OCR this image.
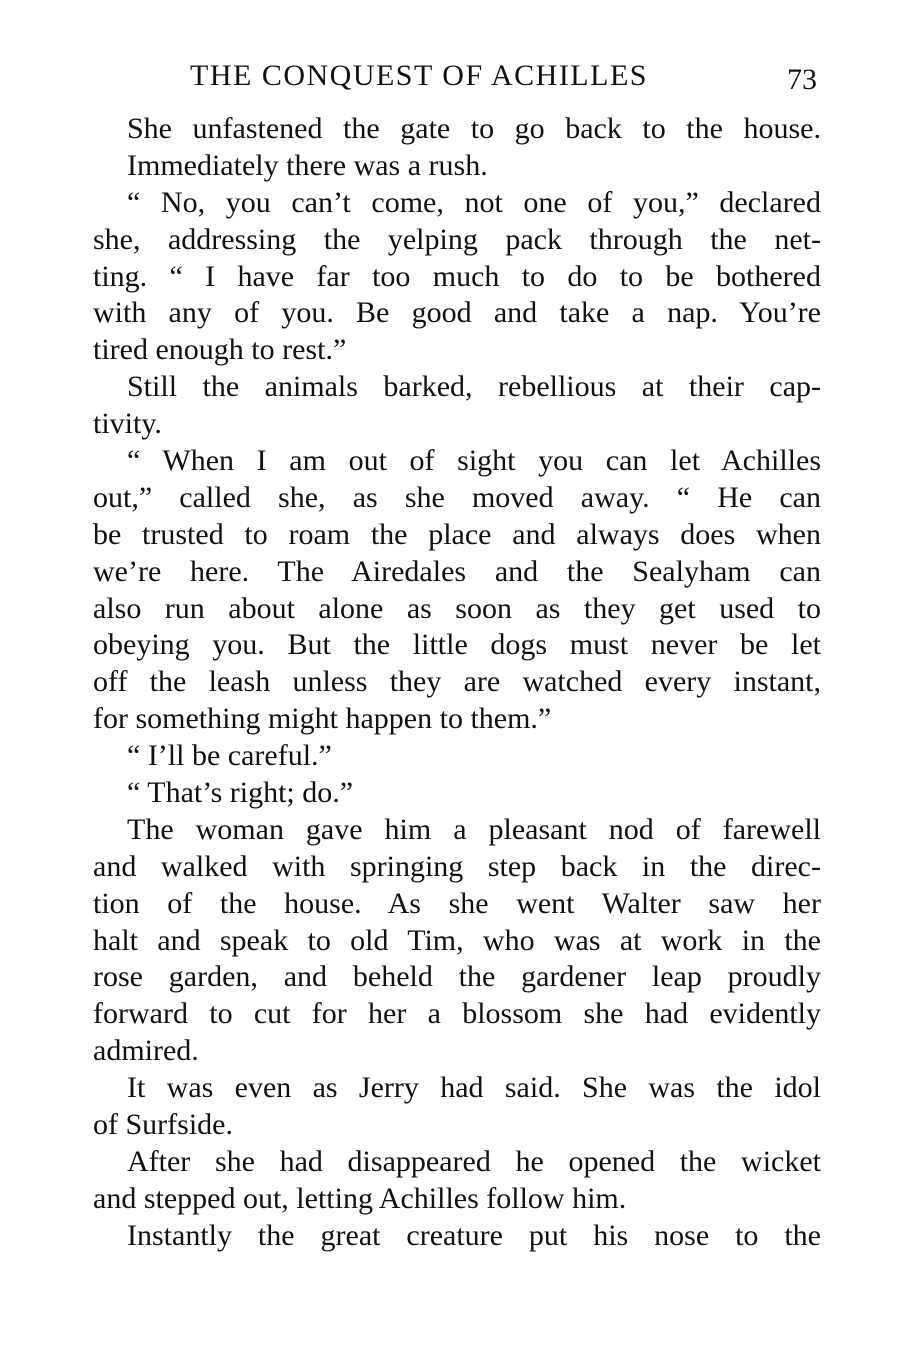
THE CONQUEST OF ACHILLES	73
She unfastened the gate to go back to the house.
Immediately there was a rush.
“ No, you can’t come, not one of you,” declared
she, addressing the yelping pack through the net-
ting. “ I have far too much to do to be bothered
with any of you. Be good and take a nap. You’re
tired enough to rest.”
Still the animals barked, rebellious at their cap-
tivity.
“ When I am out of sight you can let Achilles
out,” called she, as she moved away. “ He can
be trusted to roam the place and always does when
we’re here. The Airedales and the Sealyham can
also run about alone as soon as they get used to
obeying you. But the little dogs must never be let
off the leash unless they are watched every instant,
for something might happen to them.”
“ I’ll be careful.”
“ That’s right; do.”
The woman gave him a pleasant nod of farewell
and walked with springing step back in the direc-
tion of the house. As she went Walter saw her
halt and speak to old Tim, who was at work in the
rose garden, and beheld the gardener leap proudly
forward to cut for her a blossom she had evidently
admired.
It was even as Jerry had said. She was the idol
of Surfside.
After she had disappeared he opened the wicket
and stepped out, letting Achilles follow him.
Instantly the great creature put his nose to the
